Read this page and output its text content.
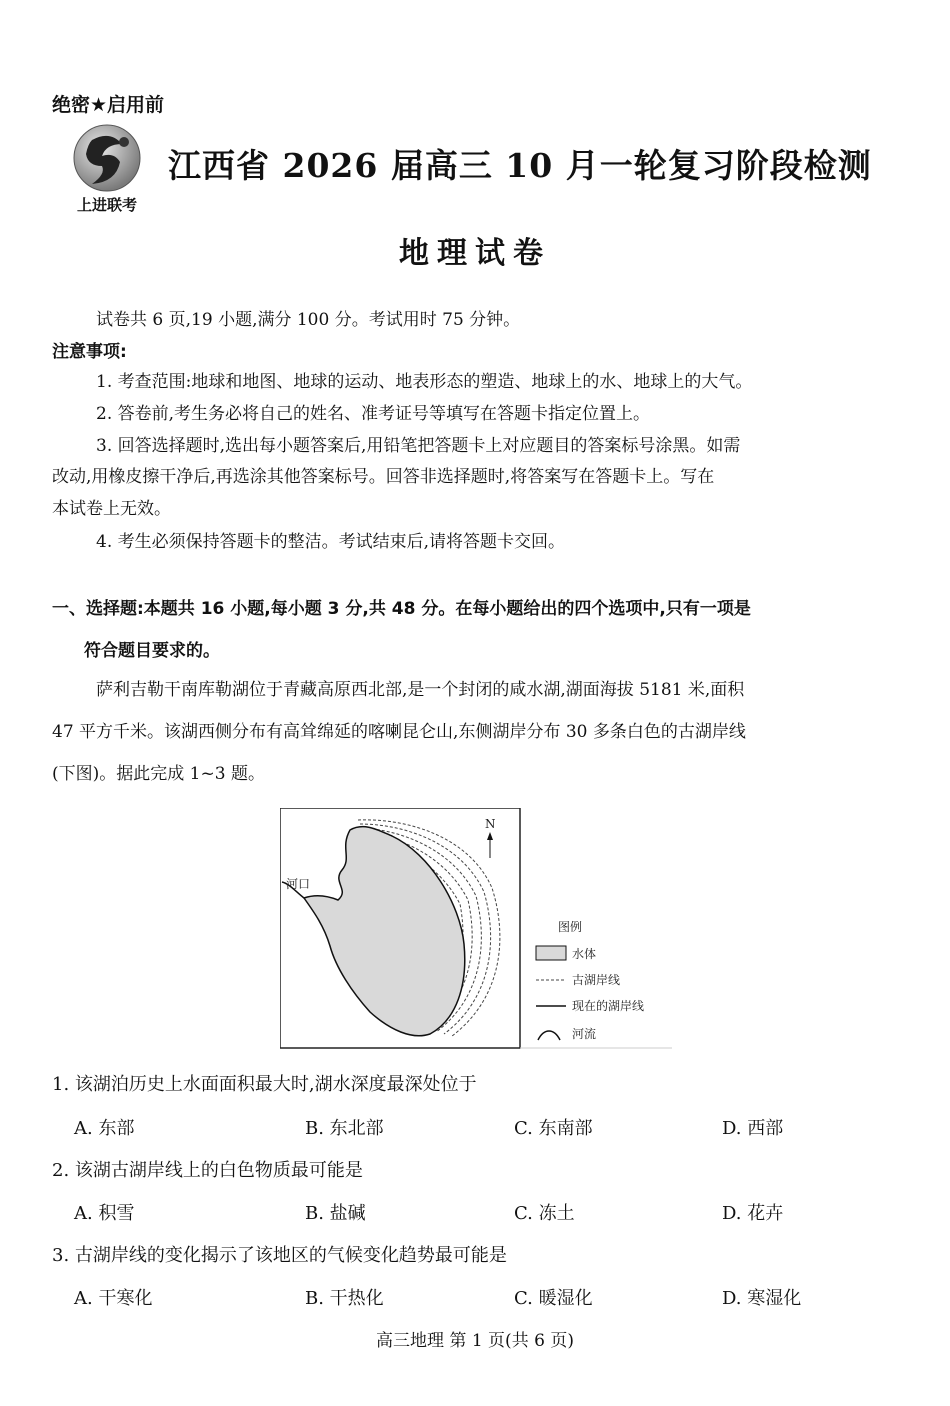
绝密★启用前
上进联考
江西省 2026 届高三 10 月一轮复习阶段检测
地理试卷
试卷共 6 页,19 小题,满分 100 分。考试用时 75 分钟。
注意事项:
1. 考查范围:地球和地图、地球的运动、地表形态的塑造、地球上的水、地球上的大气。
2. 答卷前,考生务必将自己的姓名、准考证号等填写在答题卡指定位置上。
3. 回答选择题时,选出每小题答案后,用铅笔把答题卡上对应题目的答案标号涂黑。如需
改动,用橡皮擦干净后,再选涂其他答案标号。回答非选择题时,将答案写在答题卡上。写在
本试卷上无效。
4. 考生必须保持答题卡的整洁。考试结束后,请将答题卡交回。
一、选择题:本题共 16 小题,每小题 3 分,共 48 分。在每小题给出的四个选项中,只有一项是
符合题目要求的。
萨利吉勒干南库勒湖位于青藏高原西北部,是一个封闭的咸水湖,湖面海拔 5181 米,面积
47 平方千米。该湖西侧分布有高耸绵延的喀喇昆仑山,东侧湖岸分布 30 多条白色的古湖岸线
(下图)。据此完成 1~3 题。
河口
N
图例
水体
古湖岸线
现在的湖岸线
河流
1. 该湖泊历史上水面面积最大时,湖水深度最深处位于
A. 东部	B. 东北部	C. 东南部	D. 西部
2. 该湖古湖岸线上的白色物质最可能是
A. 积雪	B. 盐碱	C. 冻土	D. 花卉
3. 古湖岸线的变化揭示了该地区的气候变化趋势最可能是
A. 干寒化	B. 干热化	C. 暖湿化	D. 寒湿化
高三地理 第 1 页(共 6 页)
